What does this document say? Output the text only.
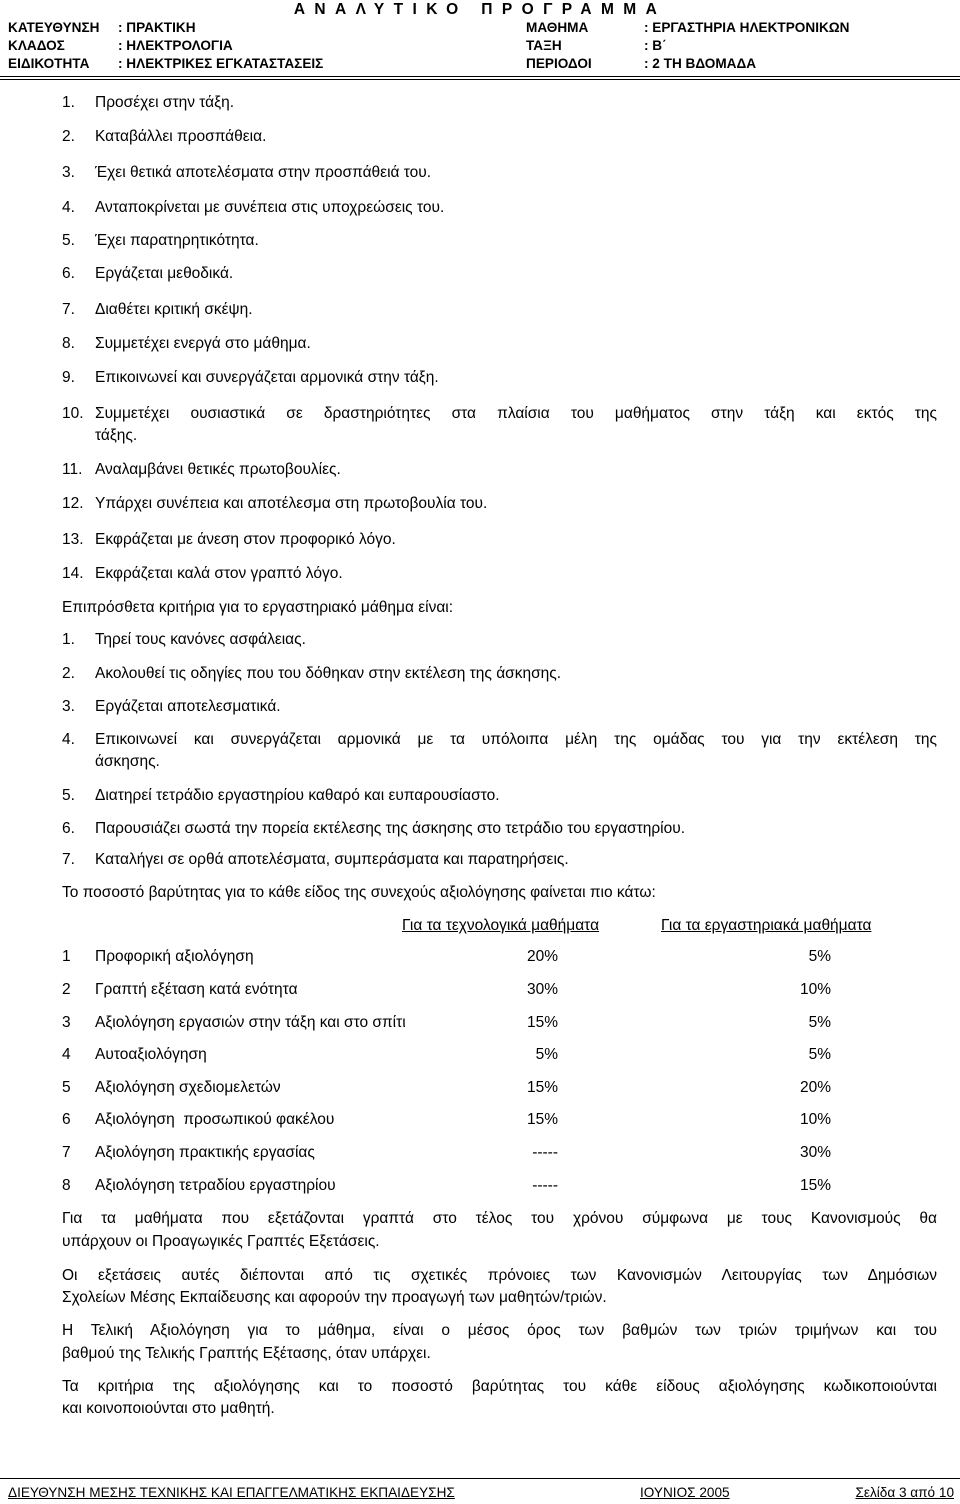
ΑΝΑΛΥΤΙΚΟ ΠΡΟΓΡΑΜΜΑ
ΚΑΤΕΥΘΥΝΣΗ : ΠΡΑΚΤΙΚΗ	ΜΑΘΗΜΑ	: ΕΡΓΑΣΤΗΡΙΑ ΗΛΕΚΤΡΟΝΙΚΩΝ
ΚΛΑΔΟΣ	: ΗΛΕΚΤΡΟΛΟΓΙΑ	ΤΑΞΗ	: Β΄
ΕΙΔΙΚΟΤΗΤΑ : ΗΛΕΚΤΡΙΚΕΣ ΕΓΚΑΤΑΣΤΑΣΕΙΣ	ΠΕΡΙΟΔΟΙ	: 2 ΤΗ ΒΔΟΜΑΔΑ
1. Προσέχει στην τάξη.
2. Καταβάλλει προσπάθεια.
3. Έχει θετικά αποτελέσματα στην προσπάθειά του.
4. Ανταποκρίνεται με συνέπεια στις υποχρεώσεις του.
5. Έχει παρατηρητικότητα.
6. Εργάζεται μεθοδικά.
7. Διαθέτει κριτική σκέψη.
8. Συμμετέχει ενεργά στο μάθημα.
9. Επικοινωνεί και συνεργάζεται αρμονικά στην τάξη.
10. Συμμετέχει ουσιαστικά σε δραστηριότητες στα πλαίσια του μαθήματος στην τάξη και εκτός της
τάξης.
11. Αναλαμβάνει θετικές πρωτοβουλίες.
12. Υπάρχει συνέπεια και αποτέλεσμα στη πρωτοβουλία του.
13. Εκφράζεται με άνεση στον προφορικό λόγο.
14. Εκφράζεται καλά στον γραπτό λόγο.
Επιπρόσθετα κριτήρια για το εργαστηριακό μάθημα είναι:
1. Τηρεί τους κανόνες ασφάλειας.
2. Ακολουθεί τις οδηγίες που του δόθηκαν στην εκτέλεση της άσκησης.
3. Εργάζεται αποτελεσματικά.
4. Επικοινωνεί και συνεργάζεται αρμονικά με τα υπόλοιπα μέλη της ομάδας του για την εκτέλεση της
άσκησης.
5. Διατηρεί τετράδιο εργαστηρίου καθαρό και ευπαρουσίαστο.
6. Παρουσιάζει σωστά την πορεία εκτέλεσης της άσκησης στο τετράδιο του εργαστηρίου.
7. Καταλήγει σε ορθά αποτελέσματα, συμπεράσματα και παρατηρήσεις.
Το ποσοστό βαρύτητας για το κάθε είδος της συνεχούς αξιολόγησης φαίνεται πιο κάτω:
Για τα τεχνολογικά μαθήματα	Για τα εργαστηριακά μαθήματα
1 Προφορική αξιολόγηση	20%	5%
2 Γραπτή εξέταση κατά ενότητα	30%	10%
3 Αξιολόγηση εργασιών στην τάξη και στο σπίτι	15%	5%
4 Αυτοαξιολόγηση	5%	5%
5 Αξιολόγηση σχεδιομελετών	15%	20%
6 Αξιολόγηση  προσωπικού φακέλου	15%	10%
7 Αξιολόγηση πρακτικής εργασίας	-----	30%
8 Αξιολόγηση τετραδίου εργαστηρίου	-----	15%
Για τα μαθήματα που εξετάζονται γραπτά στο τέλος του χρόνου σύμφωνα με τους Κανονισμούς θα
υπάρχουν οι Προαγωγικές Γραπτές Εξετάσεις.
Οι εξετάσεις αυτές διέπονται από τις σχετικές πρόνοιες των Κανονισμών Λειτουργίας των Δημόσιων
Σχολείων Μέσης Εκπαίδευσης και αφορούν την προαγωγή των μαθητών/τριών.
Η Τελική Αξιολόγηση για το μάθημα, είναι ο μέσος όρος των βαθμών των τριών τριμήνων και του
βαθμού της Τελικής Γραπτής Εξέτασης, όταν υπάρχει.
Τα κριτήρια της αξιολόγησης και το ποσοστό βαρύτητας του κάθε είδους αξιολόγησης κωδικοποιούνται
και κοινοποιούνται στο μαθητή.
ΔΙΕΥΘΥΝΣΗ ΜΕΣΗΣ ΤΕΧΝΙΚΗΣ ΚΑΙ ΕΠΑΓΓΕΛΜΑΤΙΚΗΣ ΕΚΠΑΙΔΕΥΣΗΣ	ΙΟΥΝΙΟΣ 2005	Σελίδα 3 από 10
